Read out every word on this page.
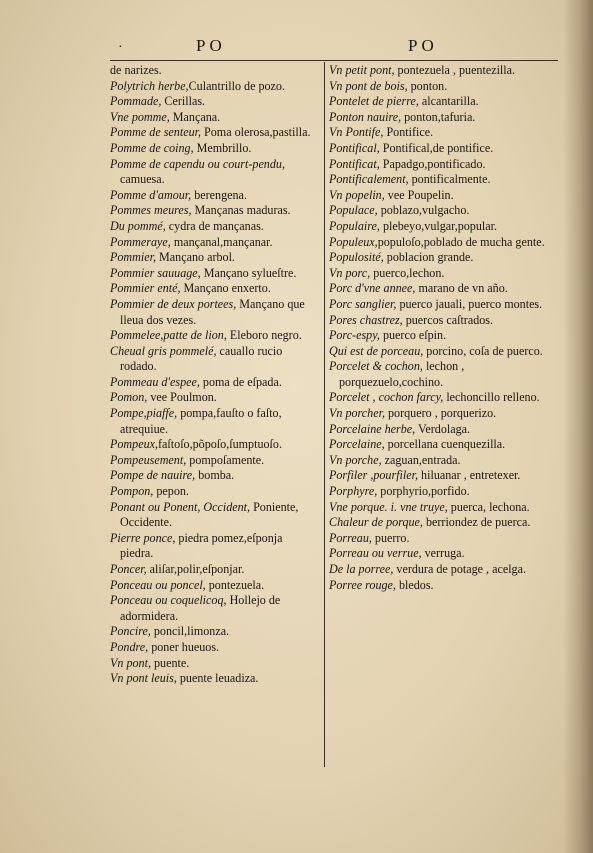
·	PO	PO

de narizes.

Polytrich herbe,Culantrillo de pozo.

Pommade, Cerillas.

Vne pomme, Mançana.

Pomme de senteur, Poma olerosa,pastilla.

Pomme de coing, Membrillo.

Pomme de capendu ou court-pendu, camuesa.

Pomme d'amour, berengena.

Pommes meures, Mançanas maduras.

Du pommé, cydra de mançanas.

Pommeraye, mançanal,mançanar.

Pommier, Mançano arbol.

Pommier sauuage, Mançano sylueſtre.

Pommier enté, Mançano enxerto.

Pommier de deux portees, Mançano que lleua dos vezes.

Pommelee,patte de lion, Eleboro negro.

Cheual gris pommelé, cauallo rucio rodado.

Pommeau d'espee, poma de eſpada.

Pomon, vee Poulmon.

Pompe,piaffe, pompa,fauſto o faſto, atrequiue.

Pompeux,faſtoſo,põpoſo,ſumptuoſo.

Pompeusement, pompoſamente.

Pompe de nauire, bomba.

Pompon, pepon.

Ponant ou Ponent, Occident, Poniente, Occidente.

Pierre ponce, piedra pomez,eſponja piedra.

Poncer, aliſar,polir,eſponjar.

Ponceau ou poncel, pontezuela.

Ponceau ou coquelicoq, Hollejo de adormidera.

Poncire, poncil,limonza.

Pondre, poner hueuos.

Vn pont, puente.

Vn pont leuis, puente leuadiza.

Vn petit pont, pontezuela , puentezilla.

Vn pont de bois, ponton.

Pontelet de pierre, alcantarilla.

Ponton nauire, ponton,tafuria.

Vn Pontife, Pontifice.

Pontifical, Pontifical,de pontifice.

Pontificat, Papadgo,pontificado.

Pontificalement, pontificalmente.

Vn popelin, vee Poupelin.

Populace, poblazo,vulgacho.

Populaire, plebeyo,vulgar,popular.

Populeux,populoſo,poblado de mucha gente.

Populosité, poblacion grande.

Vn porc, puerco,lechon.

Porc d'vne annee, marano de vn año.

Porc sanglier, puerco jauali, puerco montes.

Pores chastrez, puercos caſtrados.

Porc-espy, puerco eſpin.

Qui est de porceau, porcino, coſa de puerco.

Porcelet & cochon, lechon , porquezuelo,cochino.

Porcelet , cochon farcy, lechoncillo relleno.

Vn porcher, porquero , porquerizo.

Porcelaine herbe, Verdolaga.

Porcelaine, porcellana cuenquezilla.

Vn porche, zaguan,entrada.

Porfiler ,pourfiler, hiluanar , entretexer.

Porphyre, porphyrio,porfido.

Vne porque. i. vne truye, puerca, lechona.

Chaleur de porque, berriondez de puerca.

Porreau, puerro.

Porreau ou verrue, verruga.

De la porree, verdura de potage , acelga.

Porree rouge, bledos.
